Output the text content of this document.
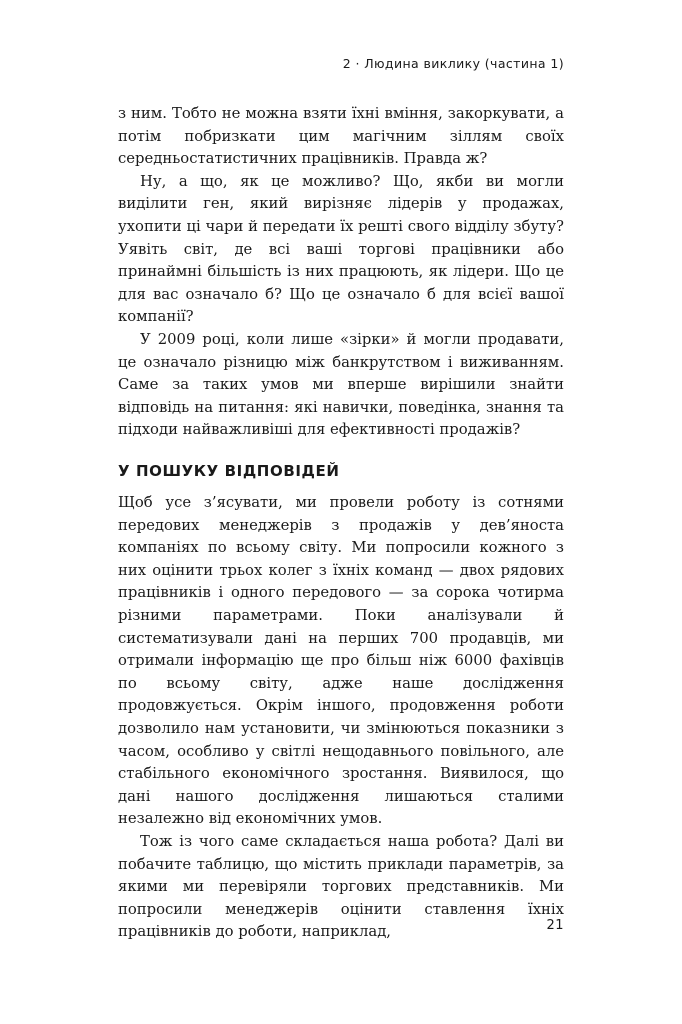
2 · Людина виклику (частина 1)

з ним. Тобто не можна взяти їхні вміння, закоркувати, а потім побризкати цим магічним зіллям своїх середньостатистичних працівників. Правда ж?

Ну, а що, як це можливо? Що, якби ви могли виділити ген, який вирізняє лідерів у продажах, ухопити ці чари й передати їх решті свого відділу збуту? Уявіть світ, де всі ваші торгові працівники або принаймні більшість із них працюють, як лідери. Що це для вас означало б? Що це означало б для всієї вашої компанії?

У 2009 році, коли лише «зірки» й могли продавати, це означало різницю між банкрутством і виживанням. Саме за таких умов ми вперше вирішили знайти відповідь на питання: які навички, поведінка, знання та підходи найважливіші для ефективності продажів?

У ПОШУКУ ВІДПОВІДЕЙ

Щоб усе з’ясувати, ми провели роботу із сотнями передових менеджерів з продажів у дев’яноста компаніях по всьому світу. Ми попросили кожного з них оцінити трьох колег з їхніх команд — двох рядових працівників і одного передового — за сорока чотирма різними параметрами. Поки аналізували й систематизували дані на перших 700 продавців, ми отримали інформацію ще про більш ніж 6000 фахівців по всьому світу, адже наше дослідження продовжується. Окрім іншого, продовження роботи дозволило нам установити, чи змінюються показники з часом, особливо у світлі нещодавнього повільного, але стабільного економічного зростання. Виявилося, що дані нашого дослідження лишаються сталими незалежно від економічних умов.

Тож із чого саме складається наша робота? Далі ви побачите таблицю, що містить приклади параметрів, за якими ми перевіряли торгових представників. Ми попросили менеджерів оцінити ставлення їхніх працівників до роботи, наприклад,	21
